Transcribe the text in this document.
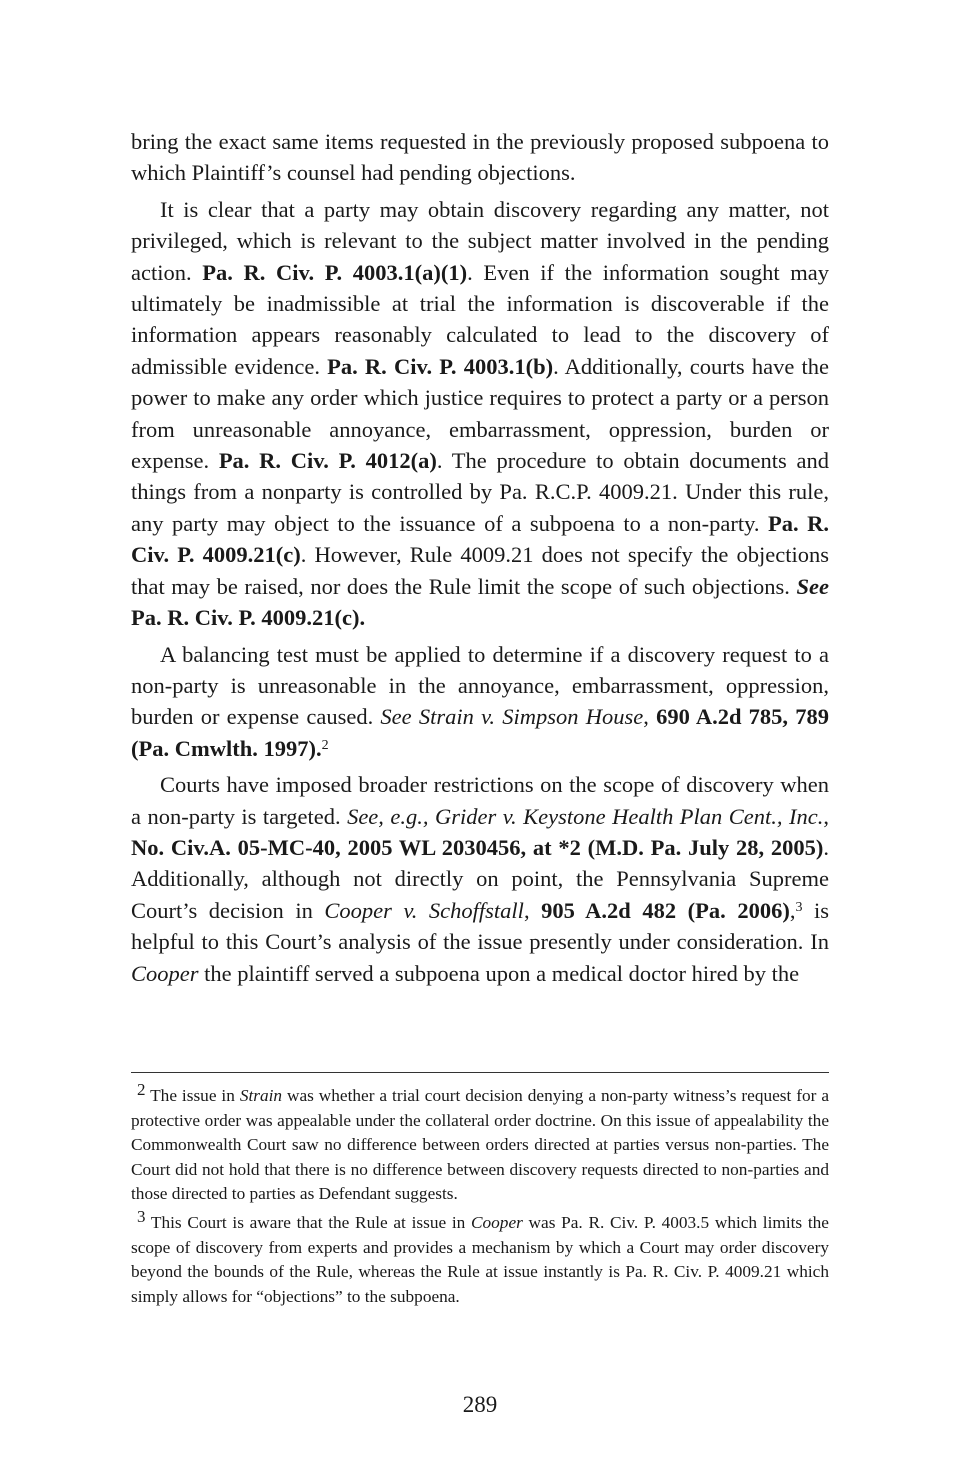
bring the exact same items requested in the previously proposed subpoena to which Plaintiff’s counsel had pending objections.

It is clear that a party may obtain discovery regarding any matter, not privileged, which is relevant to the subject matter involved in the pending action. Pa. R. Civ. P. 4003.1(a)(1). Even if the information sought may ultimately be inadmissible at trial the information is discoverable if the information appears reasonably calculated to lead to the discovery of admissible evidence. Pa. R. Civ. P. 4003.1(b). Additionally, courts have the power to make any order which justice requires to protect a party or a person from unreasonable annoyance, embarrassment, oppression, burden or expense. Pa. R. Civ. P. 4012(a). The procedure to obtain documents and things from a nonparty is controlled by Pa. R.C.P. 4009.21. Under this rule, any party may object to the issuance of a subpoena to a non-party. Pa. R. Civ. P. 4009.21(c). However, Rule 4009.21 does not specify the objections that may be raised, nor does the Rule limit the scope of such objections. See Pa. R. Civ. P. 4009.21(c).

A balancing test must be applied to determine if a discovery request to a non-party is unreasonable in the annoyance, embarrassment, oppression, burden or expense caused. See Strain v. Simpson House, 690 A.2d 785, 789 (Pa. Cmwlth. 1997).$^2$

Courts have imposed broader restrictions on the scope of discovery when a non-party is targeted. See, e.g., Grider v. Keystone Health Plan Cent., Inc., No. Civ.A. 05-MC-40, 2005 WL 2030456, at *2 (M.D. Pa. July 28, 2005). Additionally, although not directly on point, the Pennsylvania Supreme Court’s decision in Cooper v. Schoffstall, 905 A.2d 482 (Pa. 2006),$^3$ is helpful to this Court’s analysis of the issue presently under consideration. In Cooper the plaintiff served a subpoena upon a medical doctor hired by the

2 The issue in Strain was whether a trial court decision denying a non-party witness’s request for a protective order was appealable under the collateral order doctrine. On this issue of appealability the Commonwealth Court saw no difference between orders directed at parties versus non-parties. The Court did not hold that there is no difference between discovery requests directed to non-parties and those directed to parties as Defendant suggests.

3 This Court is aware that the Rule at issue in Cooper was Pa. R. Civ. P. 4003.5 which limits the scope of discovery from experts and provides a mechanism by which a Court may order discovery beyond the bounds of the Rule, whereas the Rule at issue instantly is Pa. R. Civ. P. 4009.21 which simply allows for “objections” to the subpoena.

289
